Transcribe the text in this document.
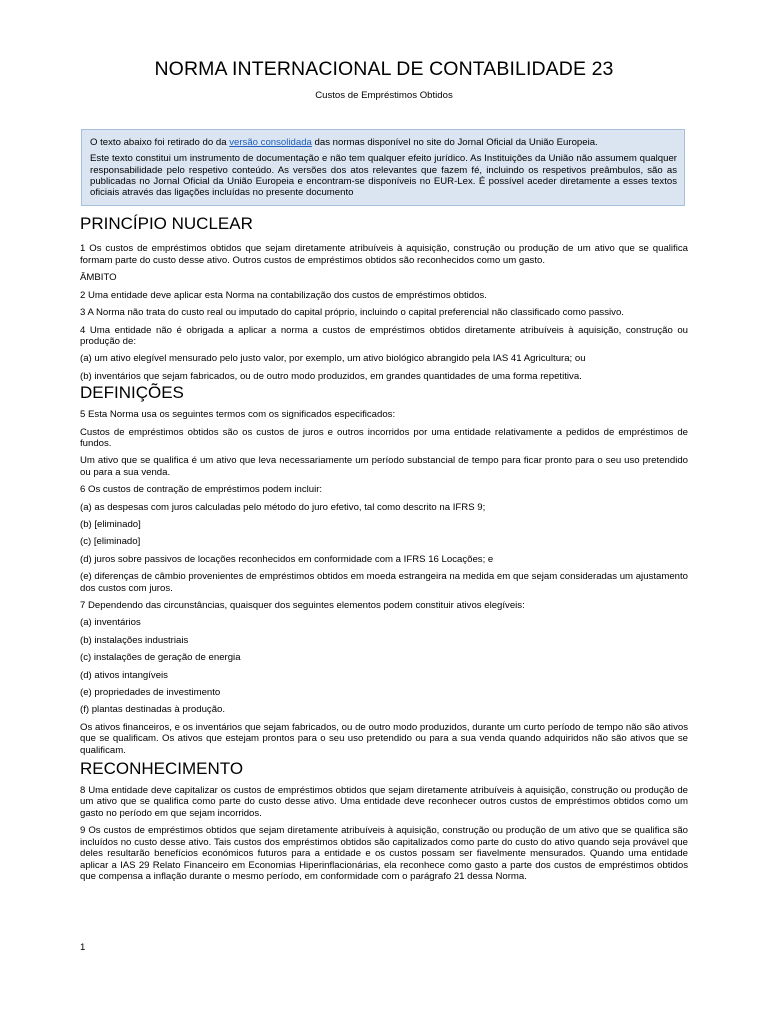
NORMA INTERNACIONAL DE CONTABILIDADE 23
Custos de Empréstimos Obtidos

O texto abaixo foi retirado do da versão consolidada das normas disponível no site do Jornal Oficial da União Europeia.

Este texto constitui um instrumento de documentação e não tem qualquer efeito jurídico. As Instituições da União não assumem qualquer responsabilidade pelo respetivo conteúdo. As versões dos atos relevantes que fazem fé, incluindo os respetivos preâmbulos, são as publicadas no Jornal Oficial da União Europeia e encontram-se disponíveis no EUR-Lex. É possível aceder diretamente a esses textos oficiais através das ligações incluídas no presente documento

PRINCÍPIO NUCLEAR

1 Os custos de empréstimos obtidos que sejam diretamente atribuíveis à aquisição, construção ou produção de um ativo que se qualifica formam parte do custo desse ativo. Outros custos de empréstimos obtidos são reconhecidos como um gasto.

ÂMBITO

2 Uma entidade deve aplicar esta Norma na contabilização dos custos de empréstimos obtidos.

3 A Norma não trata do custo real ou imputado do capital próprio, incluindo o capital preferencial não classificado como passivo.

4 Uma entidade não é obrigada a aplicar a norma a custos de empréstimos obtidos diretamente atribuíveis à aquisição, construção ou produção de:

(a) um ativo elegível mensurado pelo justo valor, por exemplo, um ativo biológico abrangido pela IAS 41 Agricultura; ou

(b) inventários que sejam fabricados, ou de outro modo produzidos, em grandes quantidades de uma forma repetitiva.

DEFINIÇÕES

5 Esta Norma usa os seguintes termos com os significados especificados:

Custos de empréstimos obtidos são os custos de juros e outros incorridos por uma entidade relativamente a pedidos de empréstimos de fundos.

Um ativo que se qualifica é um ativo que leva necessariamente um período substancial de tempo para ficar pronto para o seu uso pretendido ou para a sua venda.

6 Os custos de contração de empréstimos podem incluir:

(a) as despesas com juros calculadas pelo método do juro efetivo, tal como descrito na IFRS 9;

(b) [eliminado]

(c) [eliminado]

(d) juros sobre passivos de locações reconhecidos em conformidade com a IFRS 16 Locações; e

(e) diferenças de câmbio provenientes de empréstimos obtidos em moeda estrangeira na medida em que sejam consideradas um ajustamento dos custos com juros.

7 Dependendo das circunstâncias, quaisquer dos seguintes elementos podem constituir ativos elegíveis:

(a) inventários

(b) instalações industriais

(c) instalações de geração de energia

(d) ativos intangíveis

(e) propriedades de investimento

(f) plantas destinadas à produção.

Os ativos financeiros, e os inventários que sejam fabricados, ou de outro modo produzidos, durante um curto período de tempo não são ativos que se qualificam. Os ativos que estejam prontos para o seu uso pretendido ou para a sua venda quando adquiridos não são ativos que se qualificam.

RECONHECIMENTO

8 Uma entidade deve capitalizar os custos de empréstimos obtidos que sejam diretamente atribuíveis à aquisição, construção ou produção de um ativo que se qualifica como parte do custo desse ativo. Uma entidade deve reconhecer outros custos de empréstimos obtidos como um gasto no período em que sejam incorridos.

9 Os custos de empréstimos obtidos que sejam diretamente atribuíveis à aquisição, construção ou produção de um ativo que se qualifica são incluídos no custo desse ativo. Tais custos dos empréstimos obtidos são capitalizados como parte do custo do ativo quando seja provável que deles resultarão benefícios económicos futuros para a entidade e os custos possam ser fiavelmente mensurados. Quando uma entidade aplicar a IAS 29 Relato Financeiro em Economias Hiperinflacionárias, ela reconhece como gasto a parte dos custos de empréstimos obtidos que compensa a inflação durante o mesmo período, em conformidade com o parágrafo 21 dessa Norma.

1
